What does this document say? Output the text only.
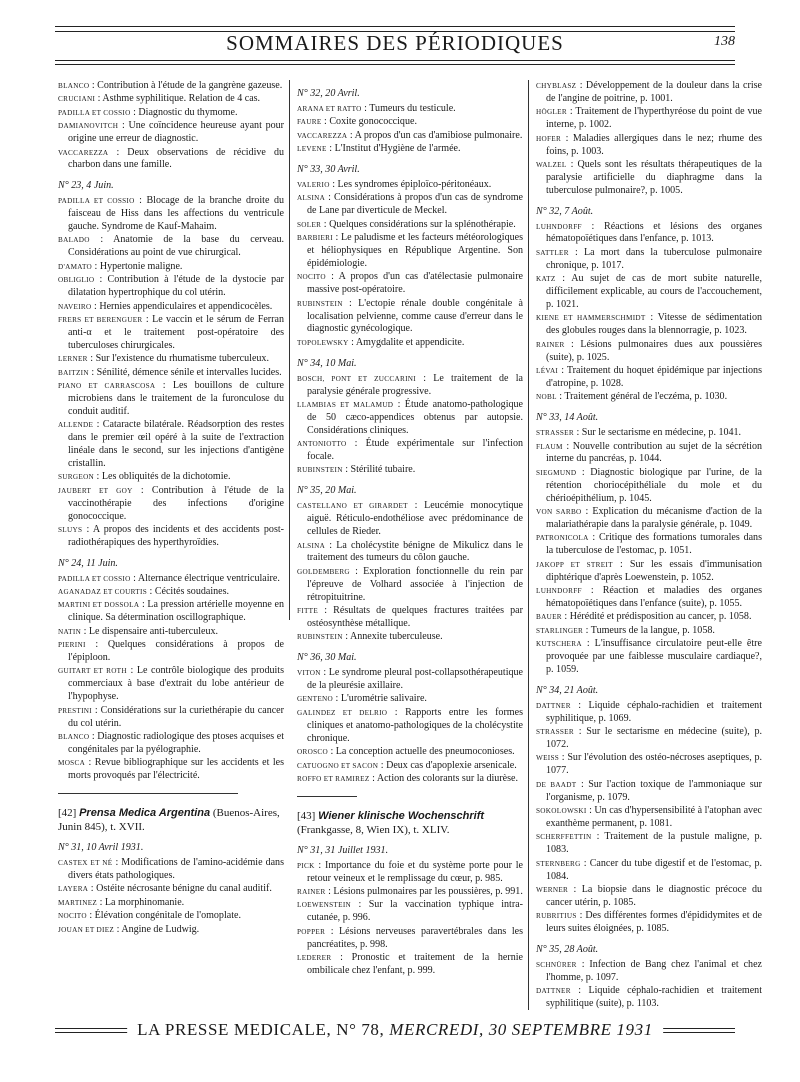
SOMMAIRES DES PÉRIODIQUES	138

BLANCO : Contribution à l'étude de la gangrène gazeuse.

CRUCIANI : Asthme syphilitique. Relation de 4 cas.

PADILLA ET COSSIO : Diagnostic du thymome.

DAMIANOVITCH : Une coïncidence heureuse ayant pour origine une erreur de diagnostic.

VACCAREZZA : Deux observations de récidive du charbon dans une famille.

N° 23, 4 Juin.

PADILLA ET COSSIO : Blocage de la branche droite du faisceau de Hiss dans les affections du ventricule gauche. Syndrome de Kauf-Mahaim.

BALADO : Anatomie de la base du cerveau. Considérations au point de vue chirurgical.

D'AMATO : Hypertonie maligne.

OBLIGLIO : Contribution à l'étude de la dystocie par dilatation hypertrophique du col utérin.

NAVEIRO : Hernies appendiculaires et appendicocèles.

FRERS ET BERENGUER : Le vaccin et le sérum de Ferran anti-α et le traitement post-opératoire des tuberculoses chirurgicales.

LERNER : Sur l'existence du rhumatisme tuberculeux.

BAITZIN : Sénilité, démence sénile et intervalles lucides.

PIANO ET CARRASCOSA : Les bouillons de culture microbiens dans le traitement de la furonculose du conduit auditif.

ALLENDE : Cataracte bilatérale. Réadsorption des restes dans le premier œil opéré à la suite de l'extraction linéale dans le second, sur les injections d'antigène cristallin.

SURGEON : Les obliquités de la dichotomie.

JAUBERT ET GOY : Contribution à l'étude de la vaccinothérapie des infections d'origine gonococcique.

SLUYS : A propos des incidents et des accidents post-radiothérapiques des hyperthyroïdies.

N° 24, 11 Juin.

PADILLA ET COSSIO : Alternance électrique ventriculaire.

AGANADAZ ET COURTIS : Cécités soudaines.

MARTINI ET DOSSOLA : La pression artérielle moyenne en clinique. Sa détermination oscillographique.

NATIN : Le dispensaire anti-tuberculeux.

PIERINI : Quelques considérations à propos de l'épiploon.

GUITART ET ROTH : Le contrôle biologique des produits commerciaux à base d'extrait du lobe antérieur de l'hypophyse.

PRESTINI : Considérations sur la curiethérapie du cancer du col utérin.

BLANCO : Diagnostic radiologique des ptoses acquises et congénitales par la pyélographie.

MOSCA : Revue bibliographique sur les accidents et les morts provoqués par l'électricité.

[42] Prensa Medica Argentina (Buenos-Aires, Junin 845), t. XVII.
N° 31, 10 Avril 1931.

CASTEX ET NÉ : Modifications de l'amino-acidémie dans divers états pathologiques.

LAYERA : Ostéite nécrosante bénigne du canal auditif.

MARTINEZ : La morphinomanie.

NOCITO : Élévation congénitale de l'omoplate.

JOUAN ET DIEZ : Angine de Ludwig.

N° 32, 20 Avril.

ARANA ET RATTO : Tumeurs du testicule.

FAURE : Coxite gonococcique.

VACCAREZZA : A propos d'un cas d'amibiose pulmonaire.

LEVENE : L'Institut d'Hygiène de l'armée.

N° 33, 30 Avril.

VALERIO : Les syndromes épiploïco-péritonéaux.

ALSINA : Considérations à propos d'un cas de syndrome de Lane par diverticule de Meckel.

SOLER : Quelques considérations sur la splénothérapie.

BARBIERI : Le paludisme et les facteurs météorologiques et héliophysiques en République Argentine. Son épidémiologie.

NOCITO : A propos d'un cas d'atélectasie pulmonaire massive post-opératoire.

RUBINSTEIN : L'ectopie rénale double congénitale à localisation pelvienne, comme cause d'erreur dans le diagnostic gynécologique.

TOPOLEWSKY : Amygdalite et appendicite.

N° 34, 10 Mai.

BOSCH, PONT ET ZUCCARINI : Le traitement de la paralysie générale progressive.

LLAMBIAS ET MALAMUD : Étude anatomo-pathologique de 50 cæco-appendices obtenus par autopsie. Considérations cliniques.

ANTONIOTTO : Étude expérimentale sur l'infection focale.

RUBINSTEIN : Stérilité tubaire.

N° 35, 20 Mai.

CASTELLANO ET GIRARDET : Leucémie monocytique aiguë. Réticulo-endothéliose avec prédominance de cellules de Rieder.

ALSINA : La cholécystite bénigne de Mikulicz dans le traitement des tumeurs du côlon gauche.

GOLDEMBERG : Exploration fonctionnelle du rein par l'épreuve de Volhard associée à l'injection de rétropituitrine.

FITTE : Résultats de quelques fractures traitées par ostéosynthèse métallique.

RUBINSTEIN : Annexite tuberculeuse.

N° 36, 30 Mai.

VITON : Le syndrome pleural post-collapsothérapeutique de la pleurésie axillaire.

GENTENO : L'urométrie salivaire.

GALINDEZ ET DELRIO : Rapports entre les formes cliniques et anatomo-pathologiques de la cholécystite chronique.

OROSCO : La conception actuelle des pneumoconioses.

CATUOGNO ET SACON : Deux cas d'apoplexie arsenicale.

ROFFO ET RAMIREZ : Action des colorants sur la diurèse.

[43] Wiener klinische Wochenschrift (Frankgasse, 8, Wien IX), t. XLIV.
N° 31, 31 Juillet 1931.

PICK : Importance du foie et du système porte pour le retour veineux et le remplissage du cœur, p. 985.

RAINER : Lésions pulmonaires par les poussières, p. 991.

LOEWENSTEIN : Sur la vaccination typhique intra-cutanée, p. 996.

POPPER : Lésions nerveuses paravertébrales dans les pancréatites, p. 998.

LEDERER : Pronostic et traitement de la hernie ombilicale chez l'enfant, p. 999.

CHYBLASZ : Développement de la douleur dans la crise de l'angine de poitrine, p. 1001.

HÖGLER : Traitement de l'hyperthyréose du point de vue interne, p. 1002.

HOFER : Maladies allergiques dans le nez; rhume des foins, p. 1003.

WALZEL : Quels sont les résultats thérapeutiques de la paralysie artificielle du diaphragme dans la tuberculose pulmonaire?, p. 1005.

N° 32, 7 Août.

LUHNDORFF : Réactions et lésions des organes hématopoïétiques dans l'enfance, p. 1013.

SATTLER : La mort dans la tuberculose pulmonaire chronique, p. 1017.

KATZ : Au sujet de cas de mort subite naturelle, difficilement explicable, au cours de l'accouchement, p. 1021.

KIENE ET HAMMERSCHMIDT : Vitesse de sédimentation des globules rouges dans la blennorragie, p. 1023.

RAINER : Lésions pulmonaires dues aux poussières (suite), p. 1025.

LÉVAI : Traitement du hoquet épidémique par injections d'atropine, p. 1028.

NOBL : Traitement général de l'eczéma, p. 1030.

N° 33, 14 Août.

STRASSER : Sur le sectarisme en médecine, p. 1041.

FLAUM : Nouvelle contribution au sujet de la sécrétion interne du pancréas, p. 1044.

SIEGMUND : Diagnostic biologique par l'urine, de la rétention choriocépithéliale du mole et du chérioépithélium, p. 1045.

VON SARBO : Explication du mécanisme d'action de la malariathérapie dans la paralysie générale, p. 1049.

PATRONICOLA : Critique des formations tumorales dans la tuberculose de l'estomac, p. 1051.

JAKOPP ET STREIT : Sur les essais d'immunisation diphtérique d'après Loewenstein, p. 1052.

LUHNDORFF : Réaction et maladies des organes hématopoïétiques dans l'enfance (suite), p. 1055.

BAUER : Hérédité et prédisposition au cancer, p. 1058.

STARLINGER : Tumeurs de la langue, p. 1058.

KUTSCHERA : L'insuffisance circulatoire peut-elle être provoquée par une faiblesse musculaire cardiaque?, p. 1059.

N° 34, 21 Août.

DATTNER : Liquide céphalo-rachidien et traitement syphilitique, p. 1069.

STRASSER : Sur le sectarisme en médecine (suite), p. 1072.

WEISS : Sur l'évolution des ostéo-nécroses aseptiques, p. 1077.

DE BAADT : Sur l'action toxique de l'ammoniaque sur l'organisme, p. 1079.

SOKOLOWSKI : Un cas d'hypersensibilité à l'atophan avec exanthème permanent, p. 1081.

SCHERFFETTIN : Traitement de la pustule maligne, p. 1083.

STERNBERG : Cancer du tube digestif et de l'estomac, p. 1084.

WERNER : La biopsie dans le diagnostic précoce du cancer utérin, p. 1085.

RUBRITIUS : Des différentes formes d'épididymites et de leurs suites éloignées, p. 1085.

N° 35, 28 Août.

SCHNÜRER : Infection de Bang chez l'animal et chez l'homme, p. 1097.

DATTNER : Liquide céphalo-rachidien et traitement syphilitique (suite), p. 1103.

LA PRESSE MEDICALE, N° 78, MERCREDI, 30 SEPTEMBRE 1931
